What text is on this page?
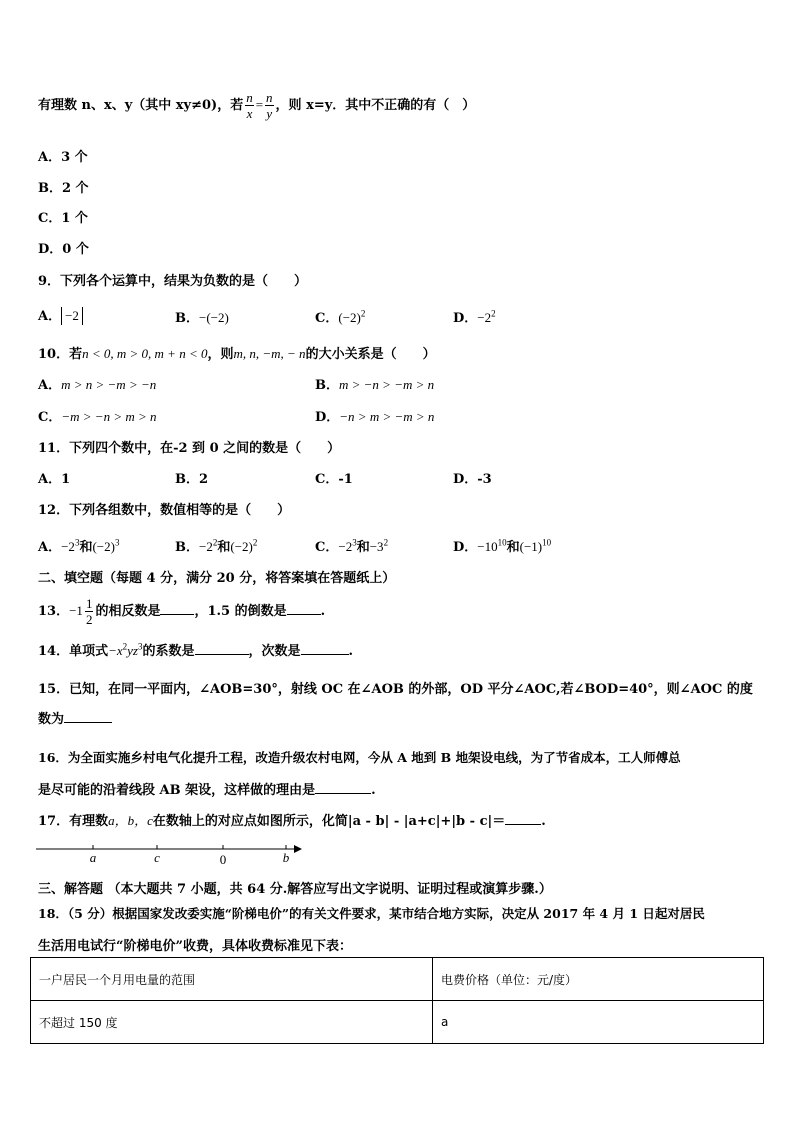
有理数 n、x、y（其中 xy≠0)，若 $\frac{n}{x} = \frac{n}{y}$ ，则 x=y．其中不正确的有（　）
A．3 个
B．2 个
C．1 个
D．0 个
9．下列各个运算中，结果为负数的是（　　）
A． −2	B．−(−2)	C．$(-2)^2$	D．$-2^2$
10．若n < 0, m > 0, m + n < 0，则m, n, −m, − n的大小关系是（　　）
A．m > n > −m > −n	B．m > −n > −m > n
C．−m > −n > m > n	D．−n > m > −m > n
11．下列四个数中，在-2 到 0 之间的数是（　　）
A．1	B．2	C．-1	D．-3
12．下列各组数中，数值相等的是（　　）
A．$-2^3$和$(-2)^3$	B．$-2^2$和$(-2)^2$	C．$-2^3$和$-3^2$	D．$-10^{10}$和$(-1)^{10}$
二、填空题（每题 4 分，满分 20 分，将答案填在答题纸上）
13．$-1 \frac{1}{2}$ 的相反数是	，1.5 的倒数是	.
14．单项式$-x^2yz^3$的系数是	，次数是	.
15．已知，在同一平面内，∠AOB=30°，射线 OC 在∠AOB 的外部，OD 平分∠AOC,若∠BOD=40°，则∠AOC 的度
数为
16．为全面实施乡村电气化提升工程，改造升级农村电网，今从 A 地到 B 地架设电线，为了节省成本，工人师傅总
是尽可能的沿着线段 AB 架设，这样做的理由是	.
17．有理数a，b，c在数轴上的对应点如图所示，化简|a - b| - |a+c|+|b - c|＝	.
a	c	0	b
三、解答题 （本大题共 7 小题，共 64 分.解答应写出文字说明、证明过程或演算步骤.）
18．（5 分）根据国家发改委实施“阶梯电价”的有关文件要求，某市结合地方实际，决定从 2017 年 4 月 1 日起对居民
生活用电试行“阶梯电价”收费，具体收费标准见下表：
一户居民一个月用电量的范围	电费价格（单位：元/度）
不超过 150 度	a
